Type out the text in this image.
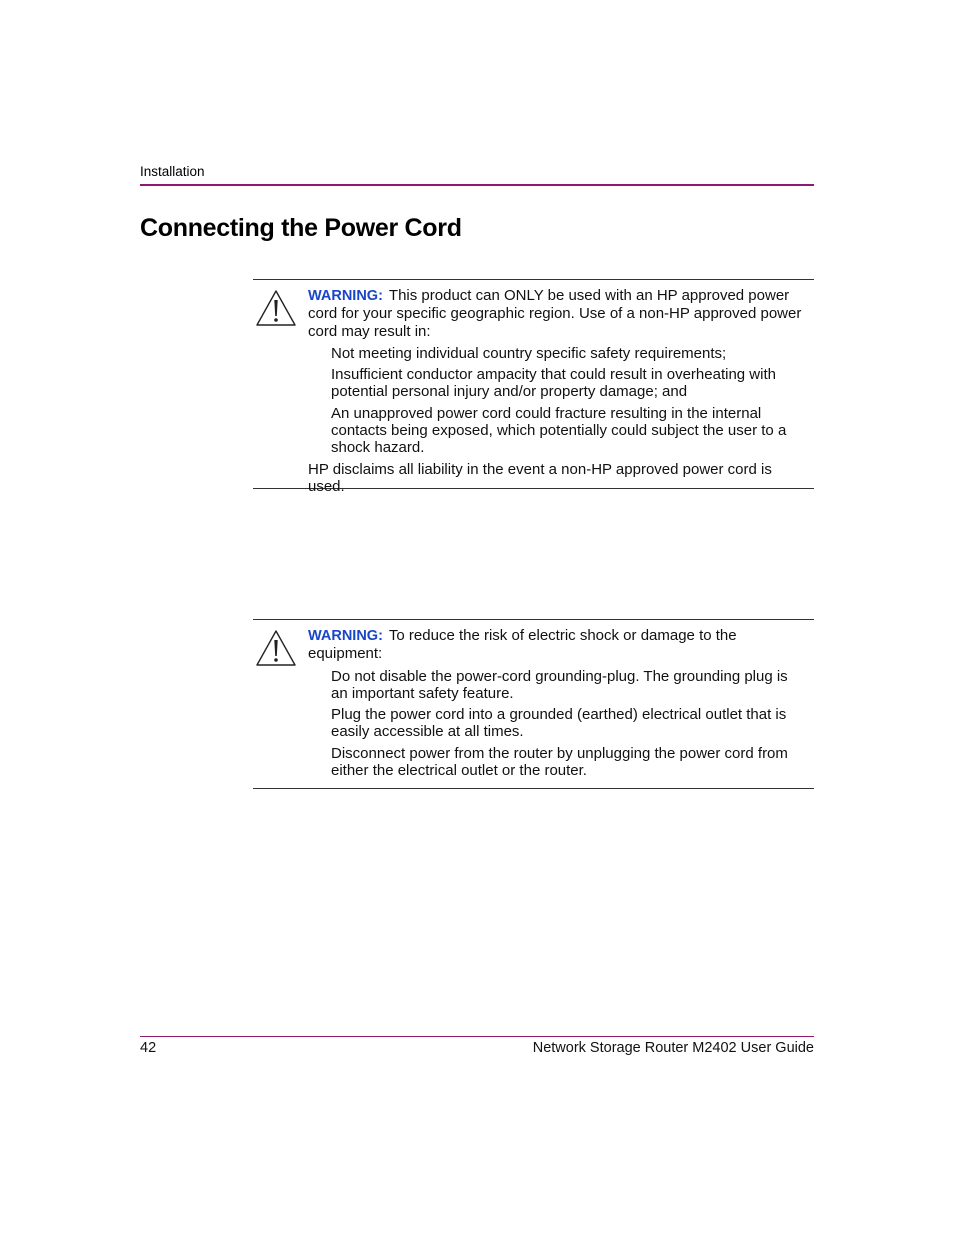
Installation
Connecting the Power Cord

WARNING: This product can ONLY be used with an HP approved power cord for your specific geographic region. Use of a non-HP approved power cord may result in:

Not meeting individual country specific safety requirements;
Insufficient conductor ampacity that could result in overheating with potential personal injury and/or property damage; and
An unapproved power cord could fracture resulting in the internal contacts being exposed, which potentially could subject the user to a shock hazard.

HP disclaims all liability in the event a non-HP approved power cord is used.

WARNING: To reduce the risk of electric shock or damage to the equipment:

Do not disable the power-cord grounding-plug. The grounding plug is an important safety feature.
Plug the power cord into a grounded (earthed) electrical outlet that is easily accessible at all times.
Disconnect power from the router by unplugging the power cord from either the electrical outlet or the router.
42	Network Storage Router M2402 User Guide
